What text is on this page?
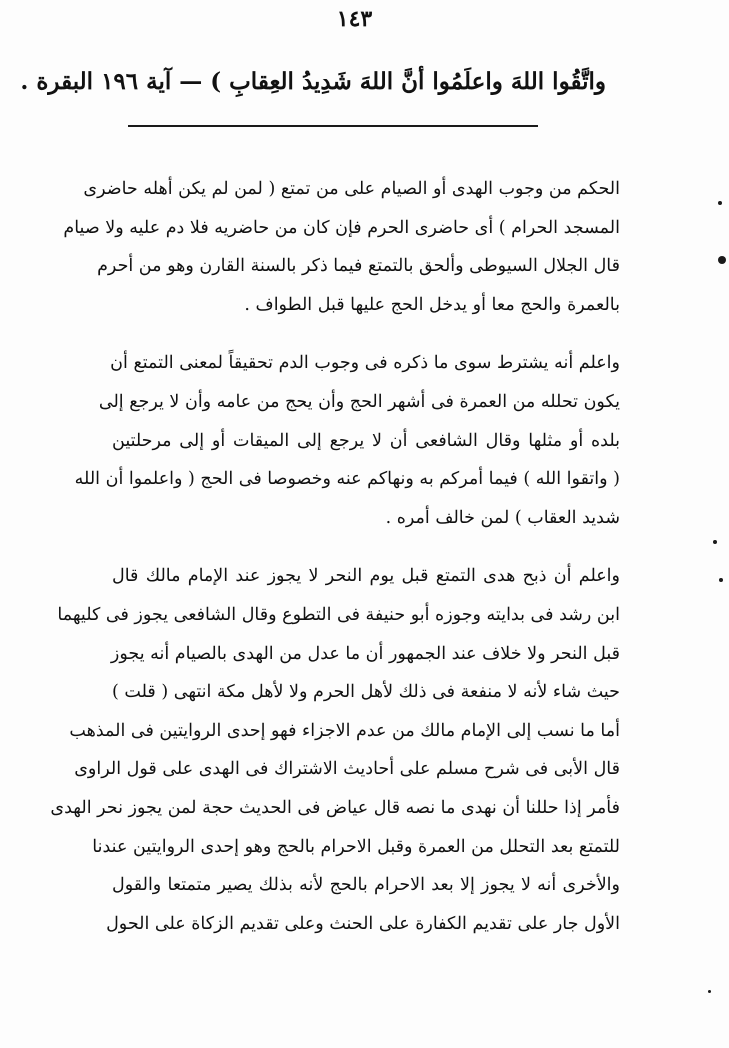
١٤٣
واتَّقُوا اللهَ واعلَمُوا أنَّ اللهَ شَدِيدُ العِقابِ ) — آية ١٩٦ البقرة .
الحكم من وجوب الهدى أو الصيام على من تمتع ( لمن لم يكن أهله حاضرى
المسجد الحرام ) أى حاضرى الحرم فإن كان من حاضريه فلا دم عليه ولا صيام
قال الجلال السيوطى وألحق بالتمتع فيما ذكر بالسنة القارن وهو من أحرم
بالعمرة والحج معا أو يدخل الحج عليها قبل الطواف .
واعلم أنه يشترط سوى ما ذكره فى وجوب الدم تحقيقاً لمعنى التمتع أن
يكون تحلله من العمرة فى أشهر الحج وأن يحج من عامه وأن لا يرجع إلى
بلده أو مثلها وقال الشافعى أن لا يرجع إلى الميقات أو إلى مرحلتين
( واتقوا الله ) فيما أمركم به ونهاكم عنه وخصوصا فى الحج ( واعلموا أن الله
شديد العقاب ) لمن خالف أمره .
واعلم أن ذبح هدى التمتع قبل يوم النحر لا يجوز عند الإمام مالك قال
ابن رشد فى بدايته وجوزه أبو حنيفة فى التطوع وقال الشافعى يجوز فى كليهما
قبل النحر ولا خلاف عند الجمهور أن ما عدل من الهدى بالصيام أنه يجوز
حيث شاء لأنه لا منفعة فى ذلك لأهل الحرم ولا لأهل مكة انتهى ( قلت )
أما ما نسب إلى الإمام مالك من عدم الاجزاء فهو إحدى الروايتين فى المذهب
قال الأبى فى شرح مسلم على أحاديث الاشتراك فى الهدى على قول الراوى
فأمر إذا حللنا أن نهدى ما نصه قال عياض فى الحديث حجة لمن يجوز نحر الهدى
للتمتع بعد التحلل من العمرة وقبل الاحرام بالحج وهو إحدى الروايتين عندنا
والأخرى أنه لا يجوز إلا بعد الاحرام بالحج لأنه بذلك يصير متمتعا والقول
الأول جار على تقديم الكفارة على الحنث وعلى تقديم الزكاة على الحول
